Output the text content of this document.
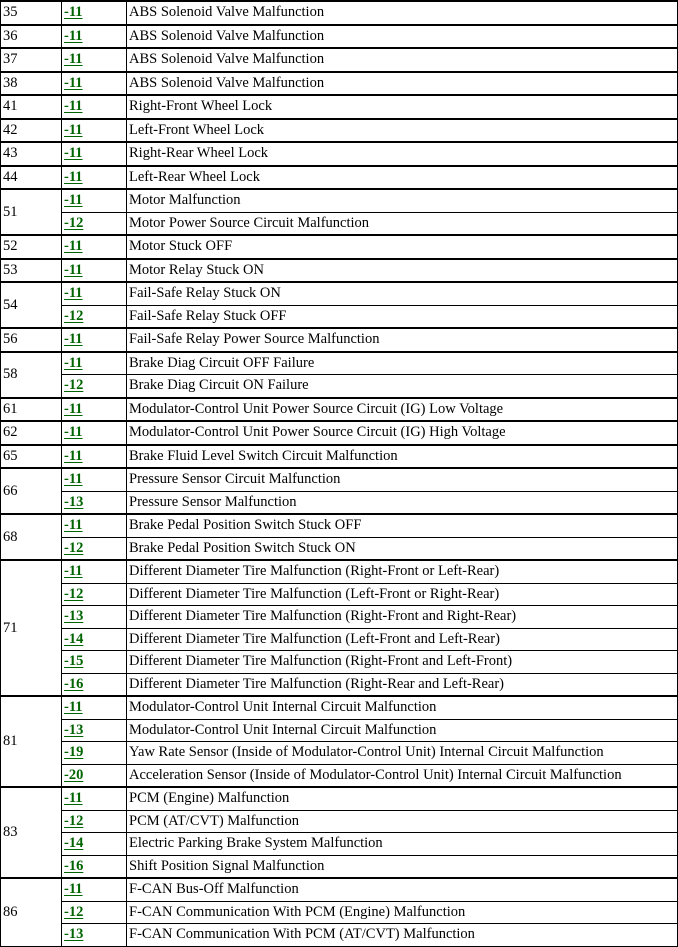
35	-11	ABS Solenoid Valve Malfunction
36	-11	ABS Solenoid Valve Malfunction
37	-11	ABS Solenoid Valve Malfunction
38	-11	ABS Solenoid Valve Malfunction
41	-11	Right-Front Wheel Lock
42	-11	Left-Front Wheel Lock
43	-11	Right-Rear Wheel Lock
44	-11	Left-Rear Wheel Lock
51	-11	Motor Malfunction
	-12	Motor Power Source Circuit Malfunction
52	-11	Motor Stuck OFF
53	-11	Motor Relay Stuck ON
54	-11	Fail-Safe Relay Stuck ON
	-12	Fail-Safe Relay Stuck OFF
56	-11	Fail-Safe Relay Power Source Malfunction
58	-11	Brake Diag Circuit OFF Failure
	-12	Brake Diag Circuit ON Failure
61	-11	Modulator-Control Unit Power Source Circuit (IG) Low Voltage
62	-11	Modulator-Control Unit Power Source Circuit (IG) High Voltage
65	-11	Brake Fluid Level Switch Circuit Malfunction
66	-11	Pressure Sensor Circuit Malfunction
	-13	Pressure Sensor Malfunction
68	-11	Brake Pedal Position Switch Stuck OFF
	-12	Brake Pedal Position Switch Stuck ON
71	-11	Different Diameter Tire Malfunction (Right-Front or Left-Rear)
	-12	Different Diameter Tire Malfunction (Left-Front or Right-Rear)
	-13	Different Diameter Tire Malfunction (Right-Front and Right-Rear)
	-14	Different Diameter Tire Malfunction (Left-Front and Left-Rear)
	-15	Different Diameter Tire Malfunction (Right-Front and Left-Front)
	-16	Different Diameter Tire Malfunction (Right-Rear and Left-Rear)
81	-11	Modulator-Control Unit Internal Circuit Malfunction
	-13	Modulator-Control Unit Internal Circuit Malfunction
	-19	Yaw Rate Sensor (Inside of Modulator-Control Unit) Internal Circuit Malfunction
	-20	Acceleration Sensor (Inside of Modulator-Control Unit) Internal Circuit Malfunction
83	-11	PCM (Engine) Malfunction
	-12	PCM (AT/CVT) Malfunction
	-14	Electric Parking Brake System Malfunction
	-16	Shift Position Signal Malfunction
86	-11	F-CAN Bus-Off Malfunction
	-12	F-CAN Communication With PCM (Engine) Malfunction
	-13	F-CAN Communication With PCM (AT/CVT) Malfunction
